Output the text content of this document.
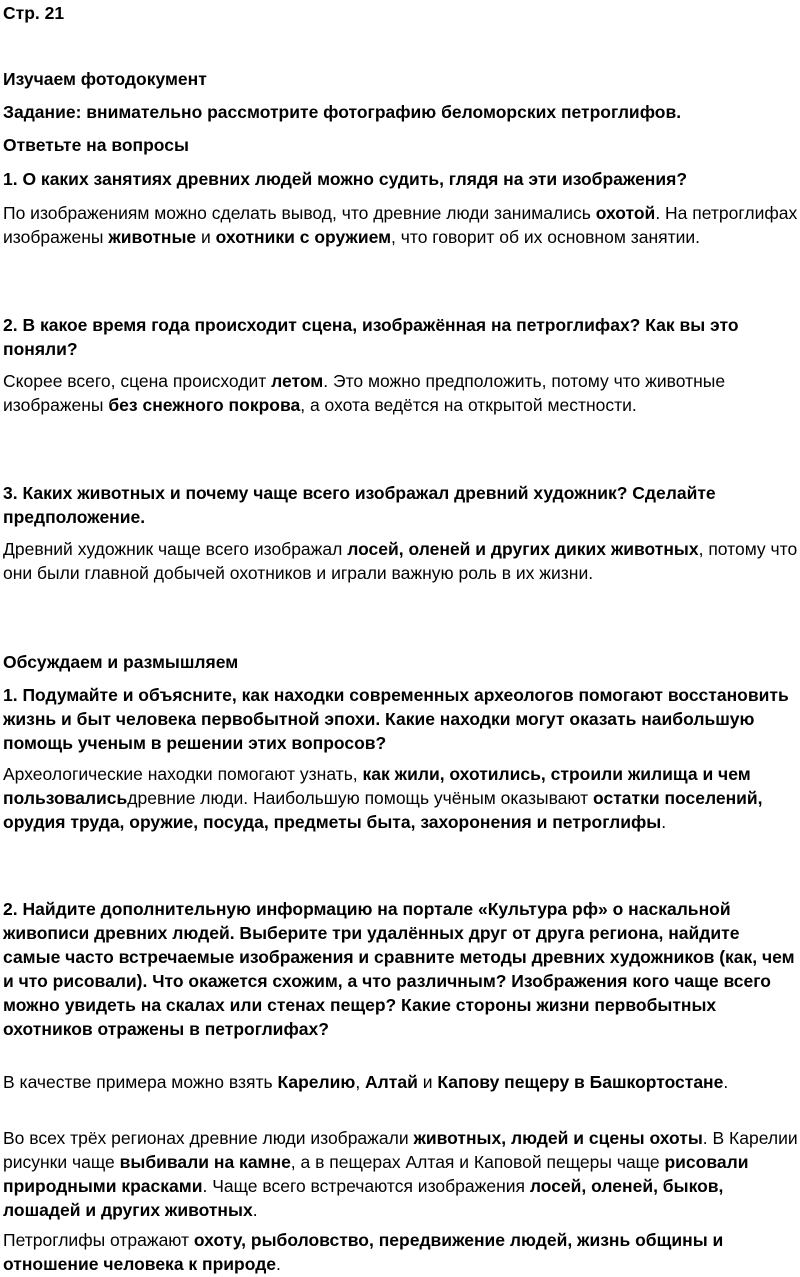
Стр. 21
Изучаем фотодокумент
Задание: внимательно рассмотрите фотографию беломорских петроглифов.
Ответьте на вопросы
1. О каких занятиях древних людей можно судить, глядя на эти изображения?
По изображениям можно сделать вывод, что древние люди занимались охотой. На петроглифах изображены животные и охотники с оружием, что говорит об их основном занятии.
2. В какое время года происходит сцена, изображённая на петроглифах? Как вы это поняли?
Скорее всего, сцена происходит летом. Это можно предположить, потому что животные изображены без снежного покрова, а охота ведётся на открытой местности.
3. Каких животных и почему чаще всего изображал древний художник? Сделайте предположение.
Древний художник чаще всего изображал лосей, оленей и других диких животных, потому что они были главной добычей охотников и играли важную роль в их жизни.
Обсуждаем и размышляем
1. Подумайте и объясните, как находки современных археологов помогают восстановить жизнь и быт человека первобытной эпохи. Какие находки могут оказать наибольшую помощь ученым в решении этих вопросов?
Археологические находки помогают узнать, как жили, охотились, строили жилища и чем пользовалисьдревние люди. Наибольшую помощь учёным оказывают остатки поселений, орудия труда, оружие, посуда, предметы быта, захоронения и петроглифы.
2. Найдите дополнительную информацию на портале «Культура рф» о наскальной живописи древних людей. Выберите три удалённых друг от друга региона, найдите самые часто встречаемые изображения и сравните методы древних художников (как, чем и что рисовали). Что окажется схожим, а что различным? Изображения кого чаще всего можно увидеть на скалах или стенах пещер? Какие стороны жизни первобытных охотников отражены в петроглифах?
В качестве примера можно взять Карелию, Алтай и Капову пещеру в Башкортостане.
Во всех трёх регионах древние люди изображали животных, людей и сцены охоты. В Карелии рисунки чаще выбивали на камне, а в пещерах Алтая и Каповой пещеры чаще рисовали природными красками. Чаще всего встречаются изображения лосей, оленей, быков, лошадей и других животных.
Петроглифы отражают охоту, рыболовство, передвижение людей, жизнь общины и отношение человека к природе.
